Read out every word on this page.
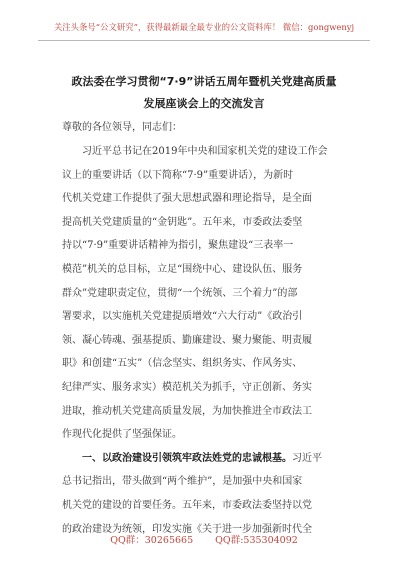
关注头条号“公文研究”，获得最新最全最专业的公文资料库！ 微信：gongwenyj
政法委在学习贯彻“7·9”讲话五周年暨机关党建高质量
发展座谈会上的交流发言
尊敬的各位领导，同志们：
习近平总书记在2019年中央和国家机关党的建设工作会
议上的重要讲话（以下简称“7·9”重要讲话），为新时
代机关党建工作提供了强大思想武器和理论指导，是全面
提高机关党建质量的“金钥匙”。五年来，市委政法委坚
持以“7·9”重要讲话精神为指引，聚焦建设“三表率一
模范”机关的总目标，立足“围绕中心、建设队伍、服务
群众”党建职责定位，贯彻“一个统领、三个着力”的部
署要求，以实施机关党建提质增效“六大行动”《政治引
领、凝心铸魂、强基提质、勤廉建设、聚力聚能、明责履
职》和创建“五实”（信念坚实、组织务实、作风务实、
纪律严实、服务求实）模范机关为抓手，守正创新、务实
进取，推动机关党建高质量发展，为加快推进全市政法工
作现代化提供了坚强保证。
一、以政治建设引领筑牢政法姓党的忠诚根基。习近平
总书记指出，带头做到“两个维护”，是加强中央和国家
机关党的建设的首要任务。五年来，市委政法委坚持以党
的政治建设为统领，印发实施《关于进一步加强新时代全
QQ群：30265665 QQ群:535304092
